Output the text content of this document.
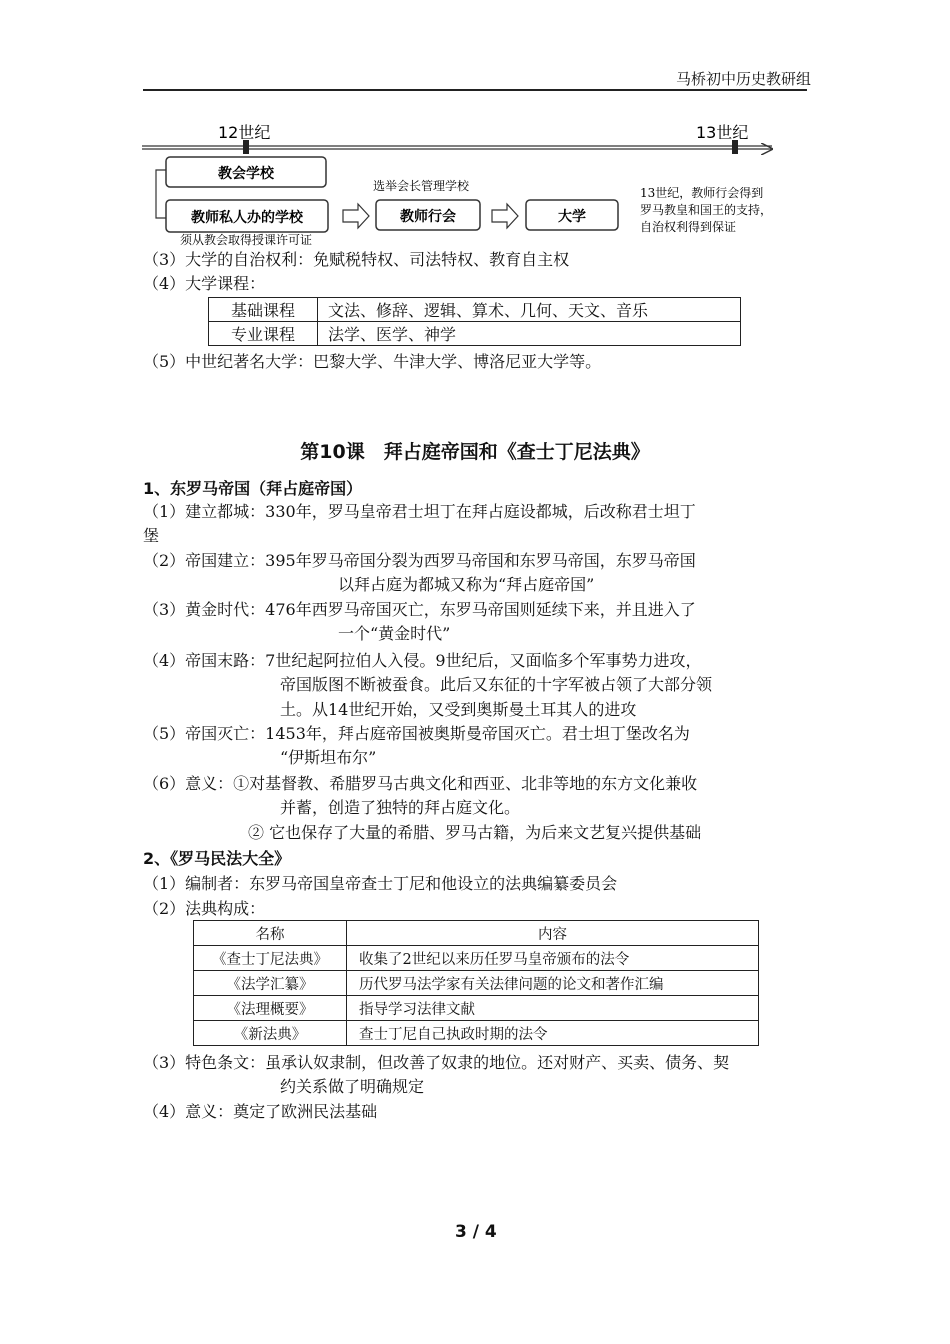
马桥初中历史教研组
12世纪	13世纪
教会学校
教师私人办的学校	教师行会	大学
选举会长管理学校
须从教会取得授课许可证
13世纪，教师行会得到
罗马教皇和国王的支持，
自治权利得到保证
（3）大学的自治权利：免赋税特权、司法特权、教育自主权
（4）大学课程：
基础课程	文法、修辞、逻辑、算术、几何、天文、音乐
专业课程	法学、医学、神学
（5）中世纪著名大学：巴黎大学、牛津大学、博洛尼亚大学等。
第10课　拜占庭帝国和《查士丁尼法典》
1、东罗马帝国（拜占庭帝国）
（1）建立都城：330年，罗马皇帝君士坦丁在拜占庭设都城，后改称君士坦丁
堡
（2）帝国建立：395年罗马帝国分裂为西罗马帝国和东罗马帝国，东罗马帝国
以拜占庭为都城又称为“拜占庭帝国”
（3）黄金时代：476年西罗马帝国灭亡，东罗马帝国则延续下来，并且进入了
一个“黄金时代”
（4）帝国末路：7世纪起阿拉伯人入侵。9世纪后，又面临多个军事势力进攻，
帝国版图不断被蚕食。此后又东征的十字军被占领了大部分领
土。从14世纪开始，又受到奥斯曼土耳其人的进攻
（5）帝国灭亡：1453年，拜占庭帝国被奥斯曼帝国灭亡。君士坦丁堡改名为
“伊斯坦布尔”
（6）意义：①对基督教、希腊罗马古典文化和西亚、北非等地的东方文化兼收
并蓄，创造了独特的拜占庭文化。
② 它也保存了大量的希腊、罗马古籍，为后来文艺复兴提供基础
2、《罗马民法大全》
（1）编制者：东罗马帝国皇帝查士丁尼和他设立的法典编纂委员会
（2）法典构成：
名称	内容
《查士丁尼法典》	收集了2世纪以来历任罗马皇帝颁布的法令
《法学汇纂》	历代罗马法学家有关法律问题的论文和著作汇编
《法理概要》	指导学习法律文献
《新法典》	查士丁尼自己执政时期的法令
（3）特色条文：虽承认奴隶制，但改善了奴隶的地位。还对财产、买卖、债务、契
约关系做了明确规定
（4）意义：奠定了欧洲民法基础
3 / 4
